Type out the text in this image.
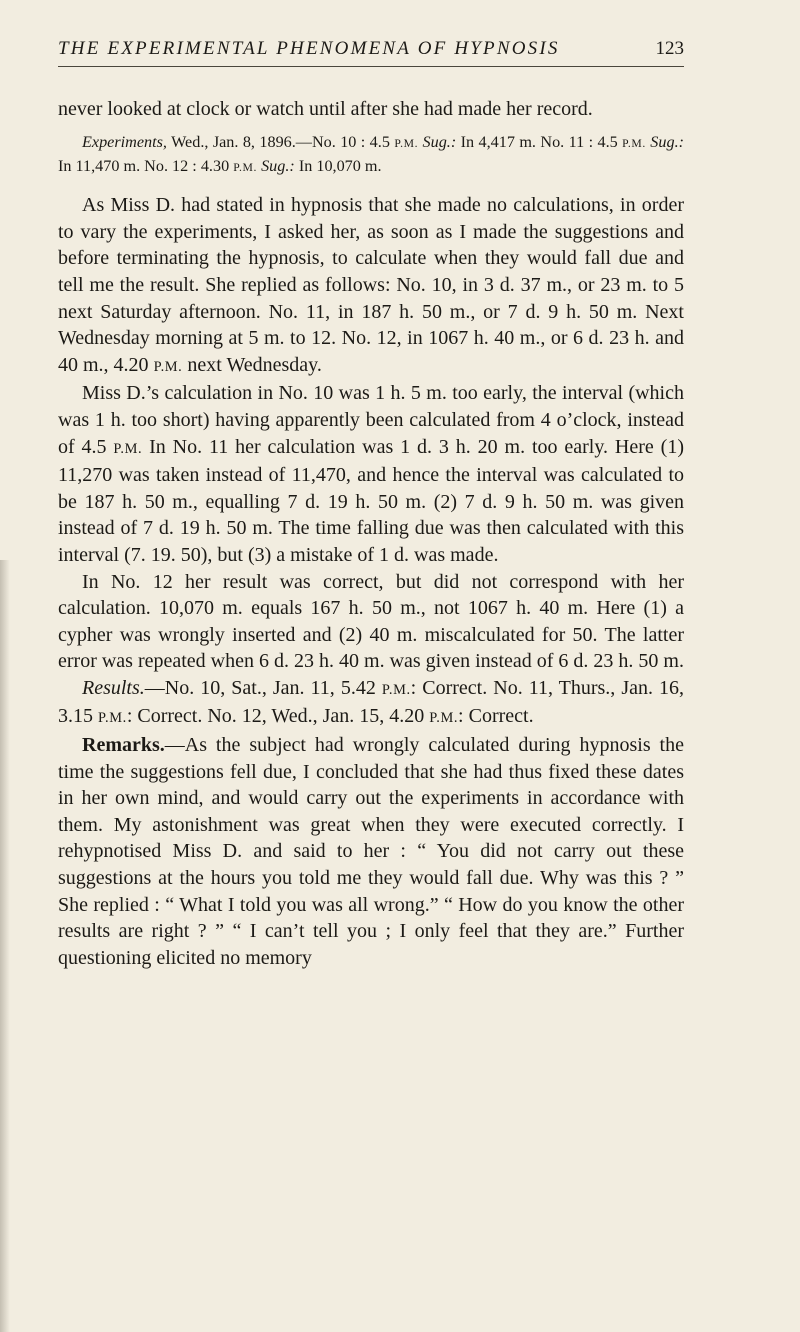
THE EXPERIMENTAL PHENOMENA OF HYPNOSIS	123

never looked at clock or watch until after she had made her record.

Experiments, Wed., Jan. 8, 1896.—No. 10 : 4.5 P.M. Sug.: In 4,417 m. No. 11 : 4.5 P.M. Sug.: In 11,470 m. No. 12 : 4.30 P.M. Sug.: In 10,070 m.

As Miss D. had stated in hypnosis that she made no calculations, in order to vary the experiments, I asked her, as soon as I made the suggestions and before terminating the hypnosis, to calculate when they would fall due and tell me the result. She replied as follows: No. 10, in 3 d. 37 m., or 23 m. to 5 next Saturday afternoon. No. 11, in 187 h. 50 m., or 7 d. 9 h. 50 m. Next Wednesday morning at 5 m. to 12. No. 12, in 1067 h. 40 m., or 6 d. 23 h. and 40 m., 4.20 P.M. next Wednesday.

Miss D.’s calculation in No. 10 was 1 h. 5 m. too early, the interval (which was 1 h. too short) having apparently been calculated from 4 o’clock, instead of 4.5 P.M. In No. 11 her calculation was 1 d. 3 h. 20 m. too early. Here (1) 11,270 was taken instead of 11,470, and hence the interval was calculated to be 187 h. 50 m., equalling 7 d. 19 h. 50 m. (2) 7 d. 9 h. 50 m. was given instead of 7 d. 19 h. 50 m. The time falling due was then calculated with this interval (7. 19. 50), but (3) a mistake of 1 d. was made.

In No. 12 her result was correct, but did not correspond with her calculation. 10,070 m. equals 167 h. 50 m., not 1067 h. 40 m. Here (1) a cypher was wrongly inserted and (2) 40 m. miscalculated for 50. The latter error was repeated when 6 d. 23 h. 40 m. was given instead of 6 d. 23 h. 50 m.

Results.—No. 10, Sat., Jan. 11, 5.42 P.M.: Correct. No. 11, Thurs., Jan. 16, 3.15 P.M.: Correct. No. 12, Wed., Jan. 15, 4.20 P.M.: Correct.

Remarks.—As the subject had wrongly calculated during hypnosis the time the suggestions fell due, I concluded that she had thus fixed these dates in her own mind, and would carry out the experiments in accordance with them. My astonishment was great when they were executed correctly. I rehypnotised Miss D. and said to her : “ You did not carry out these suggestions at the hours you told me they would fall due. Why was this ? ” She replied : “ What I told you was all wrong.” “ How do you know the other results are right ? ” “ I can’t tell you ; I only feel that they are.” Further questioning elicited no memory
